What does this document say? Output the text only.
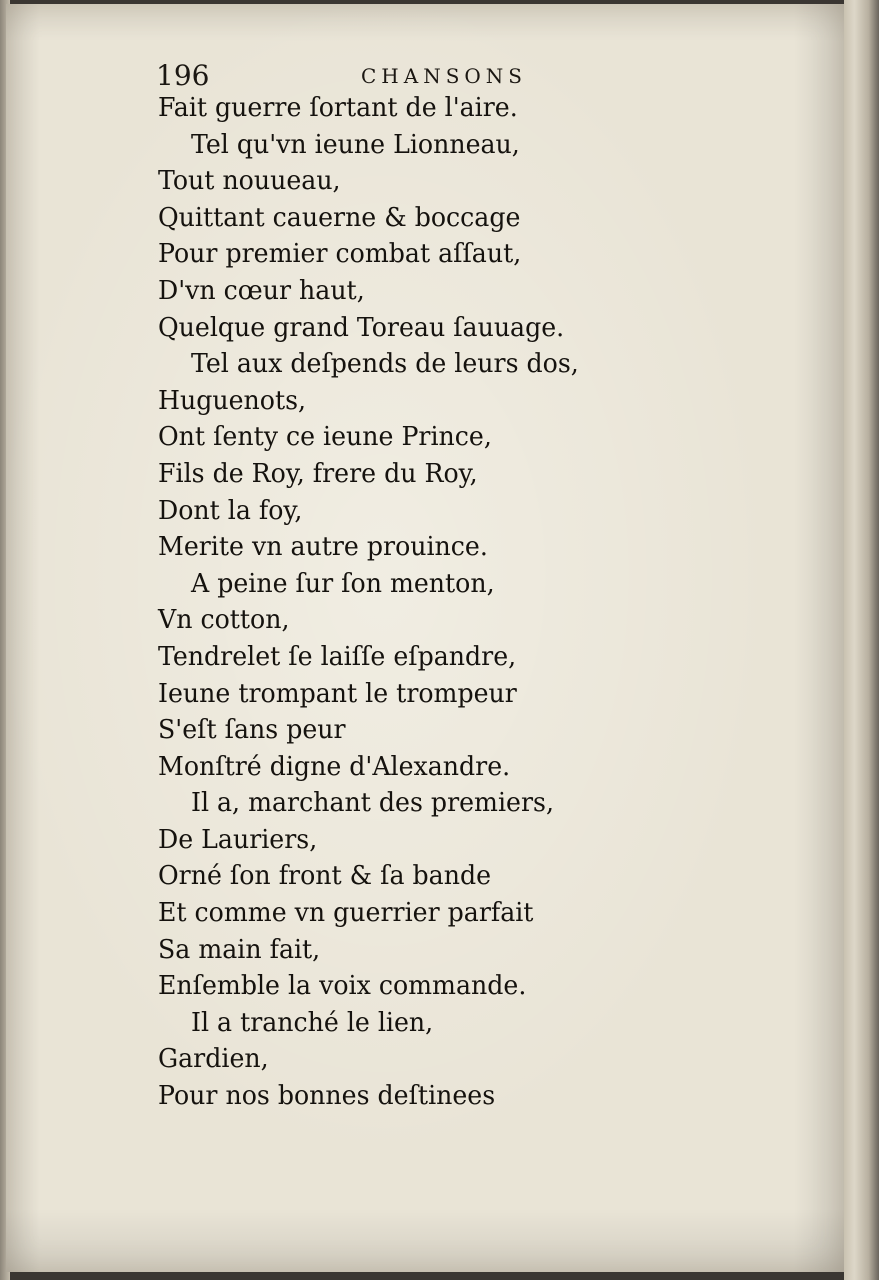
196	CHANSONS
Fait guerre ſortant de l'aire.
Tel qu'vn ieune Lionneau,
Tout nouueau,
Quittant cauerne & boccage
Pour premier combat aſſaut,
D'vn cœur haut,
Quelque grand Toreau ſauuage.
Tel aux deſpends de leurs dos,
Huguenots,
Ont ſenty ce ieune Prince,
Fils de Roy, frere du Roy,
Dont la foy,
Merite vn autre prouince.
A peine ſur ſon menton,
Vn cotton,
Tendrelet ſe laiſſe eſpandre,
Ieune trompant le trompeur
S'eſt ſans peur
Monſtré digne d'Alexandre.
Il a, marchant des premiers,
De Lauriers,
Orné ſon front & ſa bande
Et comme vn guerrier parfait
Sa main fait,
Enſemble la voix commande.
Il a tranché le lien,
Gardien,
Pour nos bonnes deſtinees
